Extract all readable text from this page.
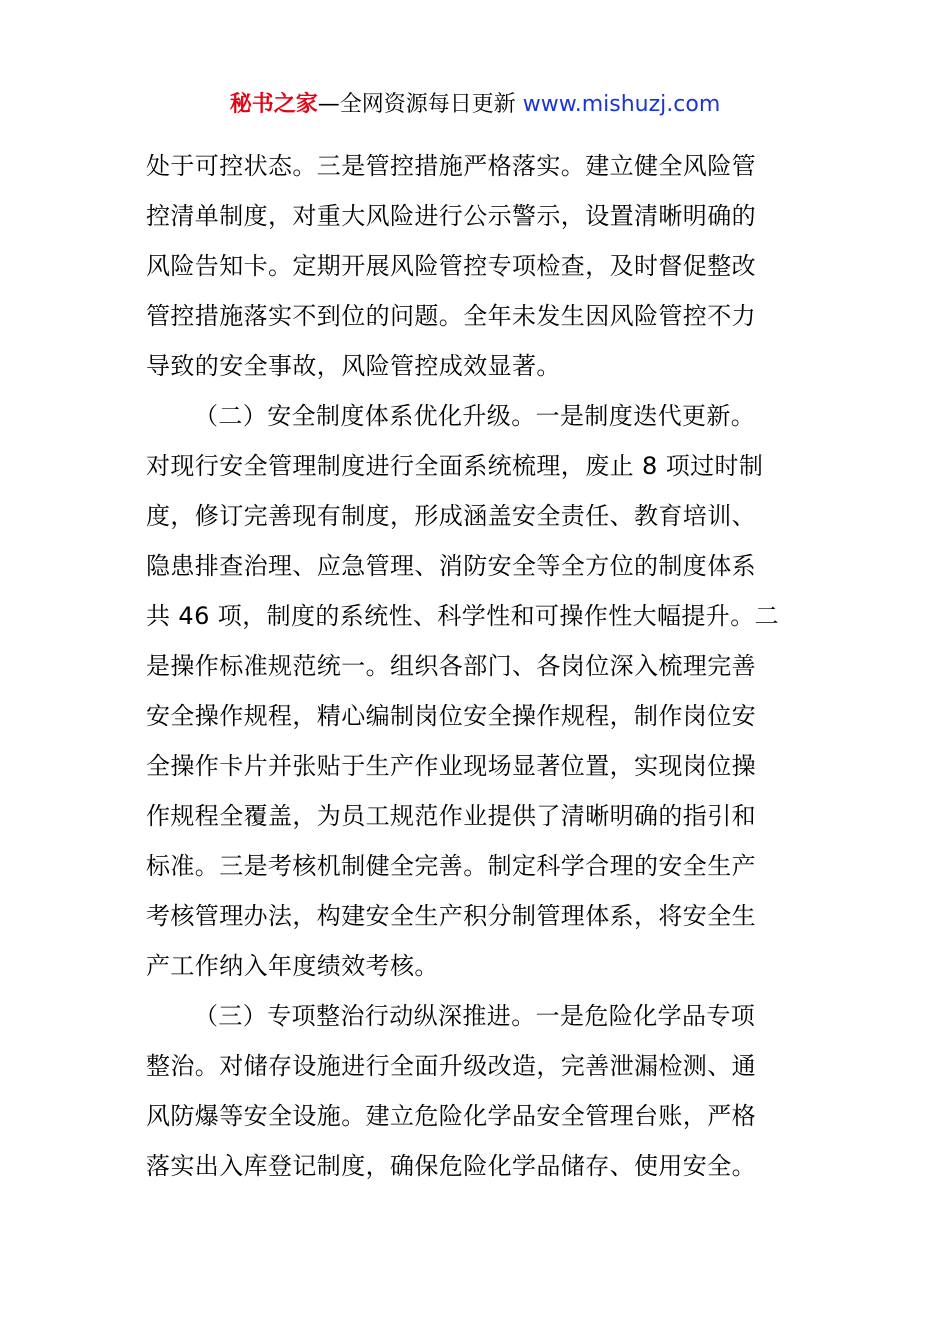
秘书之家—全网资源每日更新 www.mishuzj.com
处于可控状态。三是管控措施严格落实。建立健全风险管
控清单制度，对重大风险进行公示警示，设置清晰明确的
风险告知卡。定期开展风险管控专项检查，及时督促整改
管控措施落实不到位的问题。全年未发生因风险管控不力
导致的安全事故，风险管控成效显著。
（二）安全制度体系优化升级。一是制度迭代更新。
对现行安全管理制度进行全面系统梳理，废止 8 项过时制
度，修订完善现有制度，形成涵盖安全责任、教育培训、
隐患排查治理、应急管理、消防安全等全方位的制度体系
共 46 项，制度的系统性、科学性和可操作性大幅提升。二
是操作标准规范统一。组织各部门、各岗位深入梳理完善
安全操作规程，精心编制岗位安全操作规程，制作岗位安
全操作卡片并张贴于生产作业现场显著位置，实现岗位操
作规程全覆盖，为员工规范作业提供了清晰明确的指引和
标准。三是考核机制健全完善。制定科学合理的安全生产
考核管理办法，构建安全生产积分制管理体系，将安全生
产工作纳入年度绩效考核。
（三）专项整治行动纵深推进。一是危险化学品专项
整治。对储存设施进行全面升级改造，完善泄漏检测、通
风防爆等安全设施。建立危险化学品安全管理台账，严格
落实出入库登记制度，确保危险化学品储存、使用安全。
